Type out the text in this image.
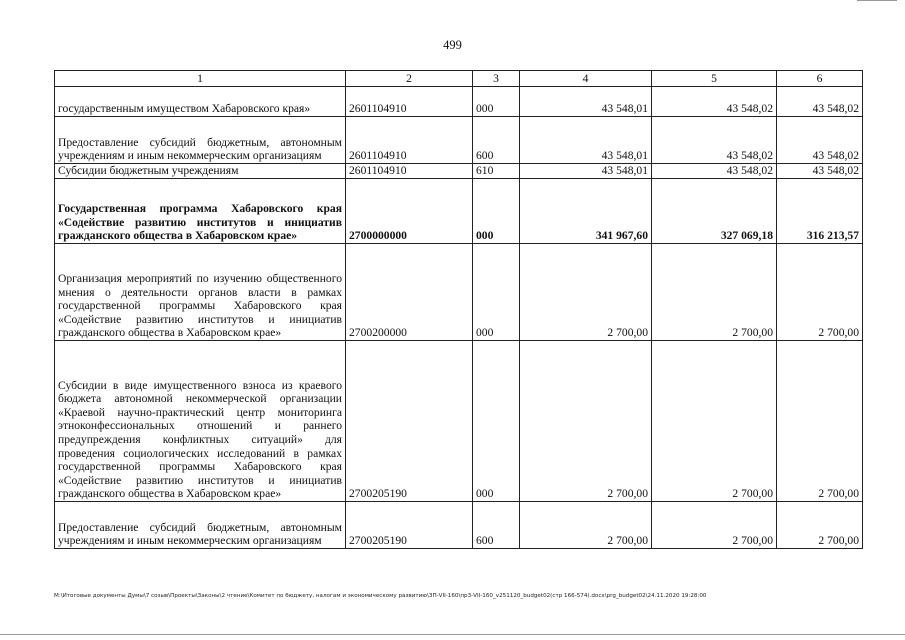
499
1	2	3	4	5	6
государственным имуществом Хабаровского края»	2601104910	000	43 548,01	43 548,02	43 548,02
Предоставление субсидий бюджетным, автономным учреждениям и иным некоммерческим организациям	2601104910	600	43 548,01	43 548,02	43 548,02
Субсидии бюджетным учреждениям	2601104910	610	43 548,01	43 548,02	43 548,02
Государственная программа Хабаровского края «Содействие развитию институтов и инициатив гражданского общества в Хабаровском крае»	2700000000	000	341 967,60	327 069,18	316 213,57
Организация мероприятий по изучению общественного мнения о деятельности органов власти в рамках государственной программы Хабаровского края «Содействие развитию институтов и инициатив гражданского общества в Хабаровском крае»	2700200000	000	2 700,00	2 700,00	2 700,00
Субсидии в виде имущественного взноса из краевого бюджета автономной некоммерческой организации «Краевой научно-практический центр мониторинга этноконфессиональных отношений и раннего предупреждения конфликтных ситуаций» для проведения социологических исследований в рамках государственной программы Хабаровского края «Содействие развитию институтов и инициатив гражданского общества в Хабаровском крае»	2700205190	000	2 700,00	2 700,00	2 700,00
Предоставление субсидий бюджетным, автономным учреждениям и иным некоммерческим организациям	2700205190	600	2 700,00	2 700,00	2 700,00
M:\Итоговые документы Думы\7 созыв\Проекты\Законы\2 чтение\Комитет по бюджету, налогам и экономическому развитию\ЗП-VII-160\пр3-VII-160_v251120_budget02(стр 166-574).docx\prg_budget02\24.11.2020 19:28:00
